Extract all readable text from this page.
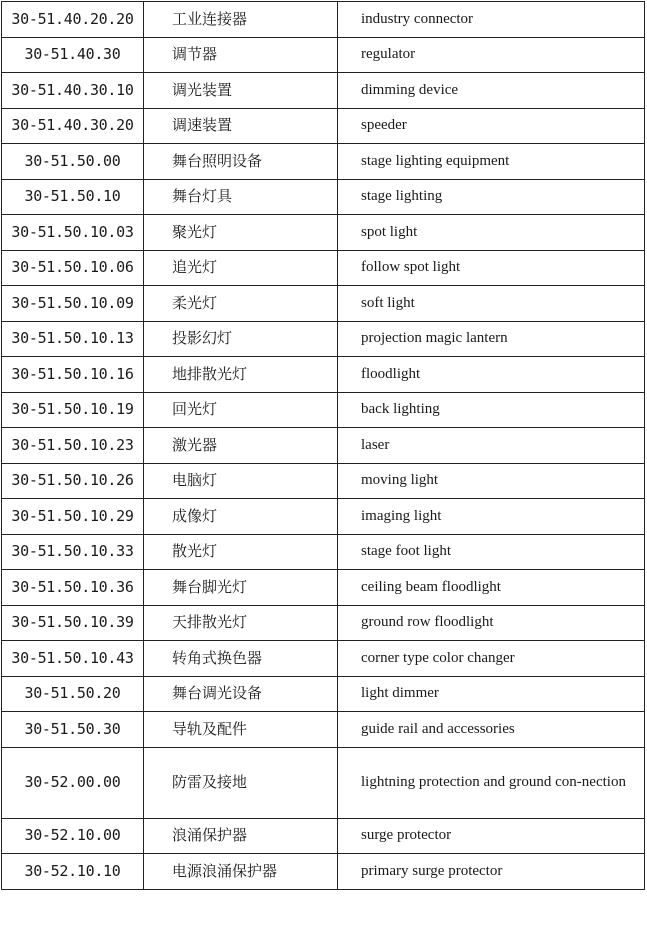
30-51.40.20.20	工业连接器	industry connector
30-51.40.30	调节器	regulator
30-51.40.30.10	调光装置	dimming device
30-51.40.30.20	调速装置	speeder
30-51.50.00	舞台照明设备	stage lighting equipment
30-51.50.10	舞台灯具	stage lighting
30-51.50.10.03	聚光灯	spot light
30-51.50.10.06	追光灯	follow spot light
30-51.50.10.09	柔光灯	soft light
30-51.50.10.13	投影幻灯	projection magic lantern
30-51.50.10.16	地排散光灯	floodlight
30-51.50.10.19	回光灯	back lighting
30-51.50.10.23	激光器	laser
30-51.50.10.26	电脑灯	moving light
30-51.50.10.29	成像灯	imaging light
30-51.50.10.33	散光灯	stage foot light
30-51.50.10.36	舞台脚光灯	ceiling beam floodlight
30-51.50.10.39	天排散光灯	ground row floodlight
30-51.50.10.43	转角式换色器	corner type color changer
30-51.50.20	舞台调光设备	light dimmer
30-51.50.30	导轨及配件	guide rail and accessories
30-52.00.00	防雷及接地	lightning protection and ground con-nection
30-52.10.00	浪涌保护器	surge protector
30-52.10.10	电源浪涌保护器	primary surge protector
